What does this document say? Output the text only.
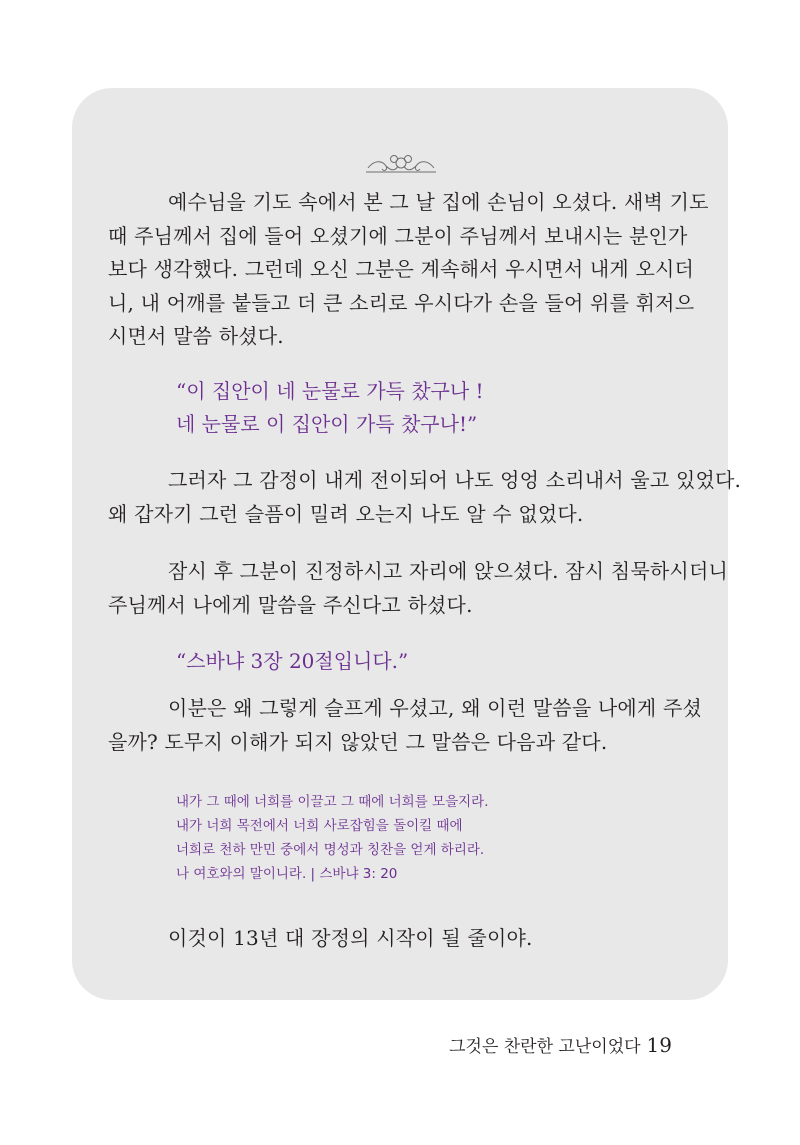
예수님을 기도 속에서 본 그 날 집에 손님이 오셨다. 새벽 기도
때 주님께서 집에 들어 오셨기에 그분이 주님께서 보내시는 분인가
보다 생각했다. 그런데 오신 그분은 계속해서 우시면서 내게 오시더
니, 내 어깨를 붙들고 더 큰 소리로 우시다가 손을 들어 위를 휘저으
시면서 말씀 하셨다.
“이 집안이 네 눈물로 가득 찼구나 !
네 눈물로 이 집안이 가득 찼구나!”
그러자 그 감정이 내게 전이되어 나도 엉엉 소리내서 울고 있었다.
왜 갑자기 그런 슬픔이 밀려 오는지 나도 알 수 없었다.
잠시 후 그분이 진정하시고 자리에 앉으셨다. 잠시 침묵하시더니
주님께서 나에게 말씀을 주신다고 하셨다.
“스바냐 3장 20절입니다.”
이분은 왜 그렇게 슬프게 우셨고, 왜 이런 말씀을 나에게 주셨
을까? 도무지 이해가 되지 않았던 그 말씀은 다음과 같다.
내가 그 때에 너희를 이끌고 그 때에 너희를 모을지라.
내가 너희 목전에서 너희 사로잡힘을 돌이킬 때에
너희로 천하 만민 중에서 명성과 칭찬을 얻게 하리라.
나 여호와의 말이니라. | 스바냐 3: 20
이것이 13년 대 장정의 시작이 될 줄이야.
그것은 찬란한 고난이었다 19
